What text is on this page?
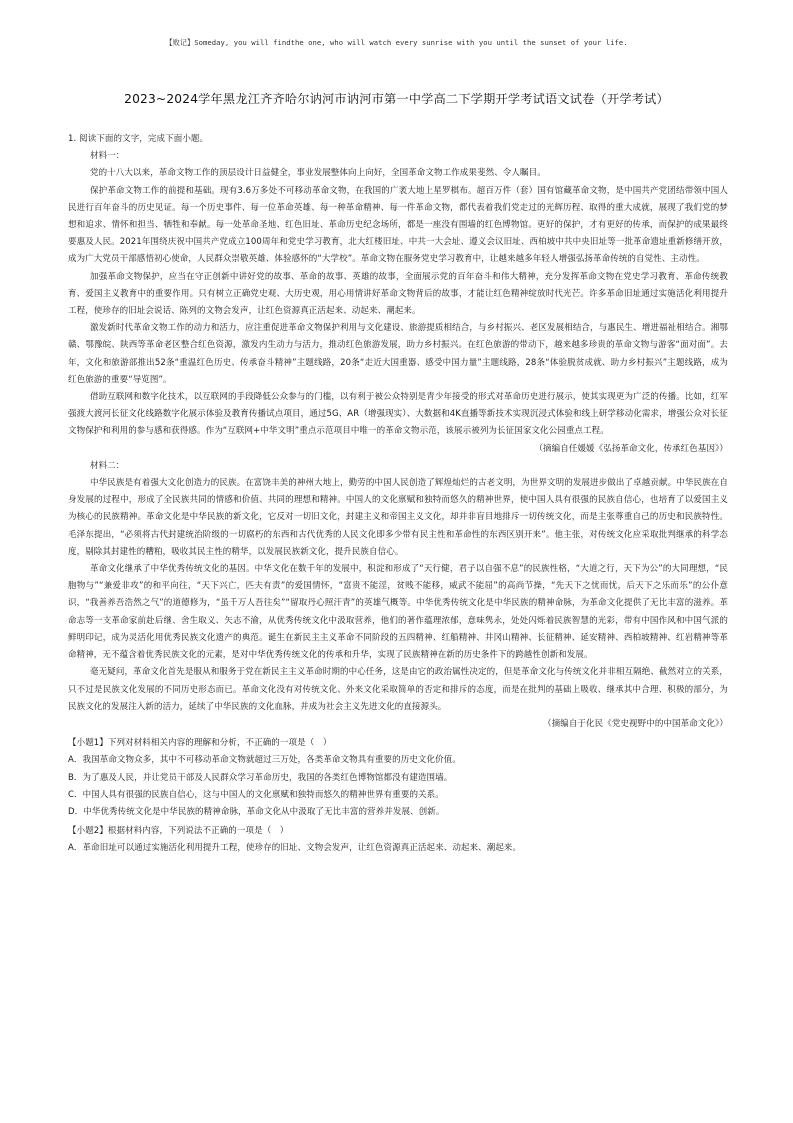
【败记】Someday, you will findthe one, who will watch every sunrise with you until the sunset of your life.
2023~2024学年黑龙江齐齐哈尔讷河市讷河市第一中学高二下学期开学考试语文试卷（开学考试）

1. 阅读下面的文字，完成下面小题。

材料一：

党的十八大以来，革命文物工作的顶层设计日益健全，事业发展整体向上向好，全国革命文物工作成果斐然、令人瞩目。

保护革命文物工作的前提和基础。现有3.6万多处不可移动革命文物，在我国的广袤大地上星罗棋布。超百万件（套）国有馆藏革命文物，是中国共产党团结带领中国人民进行百年奋斗的历史见证。每一个历史事件、每一位革命英雄、每一种革命精神、每一件革命文物，都代表着我们党走过的光辉历程、取得的重大成就，展现了我们党的梦想和追求、情怀和担当、牺牲和奉献。每一处革命圣地、红色旧址、革命历史纪念场所，都是一座没有围墙的红色博物馆。更好的保护，才有更好的传承，而保护的成果最终要惠及人民。2021年围绕庆祝中国共产党成立100周年和党史学习教育，北大红楼旧址、中共一大会址、遵义会议旧址、西柏坡中共中央旧址等一批革命遗址重新修缮开放，成为广大党员干部感悟初心使命，人民群众崇敬英雄、体验感怀的“大学校”。革命文物在服务党史学习教育中，让越来越多年轻人增强弘扬革命传统的自觉性、主动性。

加强革命文物保护，应当在守正创新中讲好党的故事、革命的故事、英雄的故事，全面展示党的百年奋斗和伟大精神，充分发挥革命文物在党史学习教育、革命传统教育、爱国主义教育中的重要作用。只有树立正确党史观、大历史观，用心用情讲好革命文物背后的故事，才能让红色精神绽放时代光芒。许多革命旧址通过实施活化利用提升工程，使珍存的旧址会说话、陈列的文物会发声，让红色资源真正活起来、动起来、潮起来。

激发新时代革命文物工作的动力和活力，应注重促进革命文物保护利用与文化建设、旅游提质相结合，与乡村振兴、老区发展相结合，与惠民生、增进福祉相结合。湘鄂赣、鄂豫皖、陕西等革命老区整合红色资源，激发内生动力与活力，推动红色旅游发展，助力乡村振兴。在红色旅游的带动下，越来越多珍贵的革命文物与游客“面对面”。去年，文化和旅游部推出52条“重温红色历史、传承奋斗精神”主题线路，20条“走近大国重器、感受中国力量”主题线路，28条“体验脱贫成就、助力乡村振兴”主题线路，成为红色旅游的重要“导览图”。

借助互联网和数字化技术，以互联网的手段降低公众参与的门槛，以有利于被公众特别是青少年接受的形式对革命历史进行展示，使其实现更为广泛的传播。比如，红军强渡大渡河长征文化线路数字化展示体验及教育传播试点项目，通过5G、AR（增强现实）、大数据和4K直播等新技术实现沉浸式体验和线上研学移动化需求，增强公众对长征文物保护和利用的参与感和获得感。作为“互联网+中华文明”重点示范项目中唯一的革命文物示范，该展示被列为长征国家文化公园重点工程。

（摘编自任媛媛《弘扬革命文化，传承红色基因》）

材料二：

中华民族是有着强大文化创造力的民族。在富饶丰美的神州大地上，勤劳的中国人民创造了辉煌灿烂的古老文明，为世界文明的发展进步做出了卓越贡献。中华民族在自身发展的过程中，形成了全民族共同的情感和价值、共同的理想和精神。中国人的文化禀赋和独特而悠久的精神世界，使中国人具有很强的民族自信心，也培育了以爱国主义为核心的民族精神。革命文化是中华民族的新文化，它反对一切旧文化，封建主义和帝国主义文化，却并非盲目地排斥一切传统文化，而是主张尊重自己的历史和民族特性。毛泽东提出，“必须将古代封建统治阶级的一切腐朽的东西和古代优秀的人民文化即多少带有民主性和革命性的东西区别开来”。他主张，对传统文化应采取批判继承的科学态度，剔除其封建性的糟粕，吸收其民主性的精华，以发展民族新文化，提升民族自信心。

革命文化继承了中华优秀传统文化的基因。中华文化在数千年的发展中，积淀和形成了“天行健，君子以自强不息”的民族性格，“大道之行，天下为公”的大同理想，“民胞物与”“兼爱非攻”的和平向往，“天下兴亡，匹夫有责”的爱国情怀，“富贵不能淫，贫贱不能移，威武不能屈”的高尚节操，“先天下之忧而忧，后天下之乐而乐”的公仆意识，“我善养吾浩然之气”的道德修为，“虽千万人吾往矣”“留取丹心照汗青”的英雄气概等。中华优秀传统文化是中华民族的精神命脉，为革命文化提供了无比丰富的滋养。革命志等一支革命家前赴后继、舍生取义、矢志不渝，从优秀传统文化中汲取营养，他们的著作蕴理浓郁，意味隽永，处处闪烁着民族智慧的光彩，带有中国作风和中国气派的鲜明印记，成为灵活化用优秀民族文化遗产的典范。诞生在新民主主义革命不同阶段的五四精神、红船精神、井冈山精神、长征精神、延安精神、西柏坡精神、红岩精神等革命精神，无不蕴含着优秀民族文化的元素，是对中华优秀传统文化的传承和升华，实现了民族精神在新的历史条件下的跨越性创新和发展。

毫无疑问，革命文化首先是服从和服务于党在新民主主义革命时期的中心任务，这是由它的政治属性决定的，但是革命文化与传统文化并非相互隔绝、截然对立的关系，只不过是民族文化发展的不同历史形态而已。革命文化没有对传统文化、外来文化采取简单的否定和排斥的态度，而是在批判的基础上吸收、继承其中合理、积极的部分，为民族文化的发展注入新的活力，延续了中华民族的文化血脉，并成为社会主义先进文化的直接源头。

（摘编自于化民《党史视野中的中国革命文化》）

【小题1】下列对材料相关内容的理解和分析，不正确的一项是（　）

A．我国革命文物众多，其中不可移动革命文物就超过三万处，各类革命文物具有重要的历史文化价值。

B．为了惠及人民，并让党员干部及人民群众学习革命历史，我国的各类红色博物馆都没有建造围墙。

C．中国人具有很强的民族自信心，这与中国人的文化禀赋和独特而悠久的精神世界有重要的关系。

D．中华优秀传统文化是中华民族的精神命脉，革命文化从中汲取了无比丰富的营养并发展、创新。

【小题2】根据材料内容，下列说法不正确的一项是（　）

A．革命旧址可以通过实施活化利用提升工程，使珍存的旧址、文物会发声，让红色资源真正活起来、动起来、潮起来。
